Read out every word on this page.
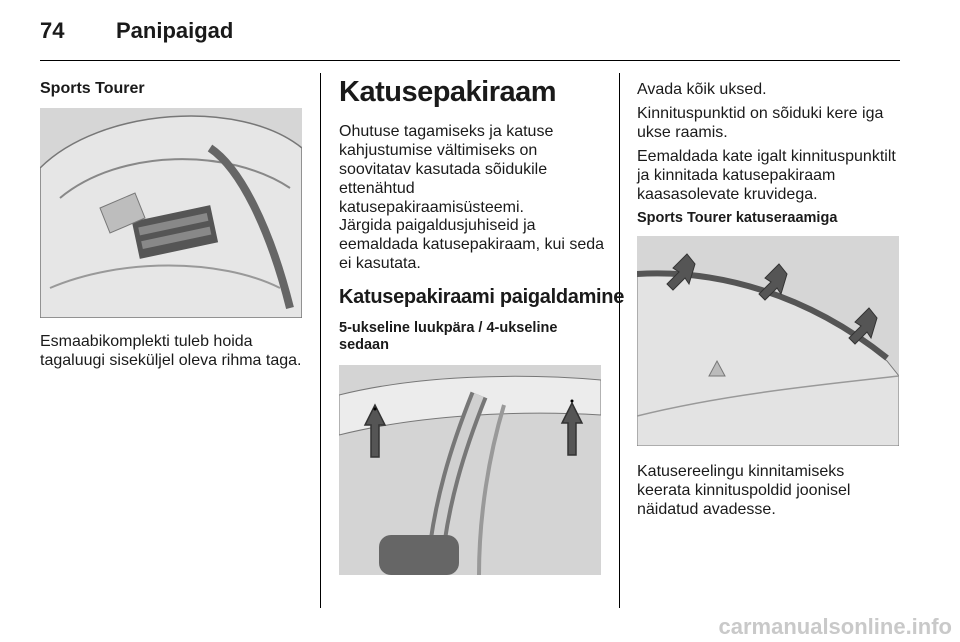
74 Panipaigad
Sports Tourer
Esmaabikomplekti tuleb hoida tagaluugi siseküljel oleva rihma taga.
Katusepakiraam
Ohutuse tagamiseks ja katuse kahjustumise vältimiseks on soovitatav kasutada sõidukile ettenähtud katusepakiraamisüsteemi.
Järgida paigaldusjuhiseid ja eemaldada katusepakiraam, kui seda ei kasutata.
Katusepakiraami paigaldamine
5-ukseline luukpära / 4-ukseline sedaan
Avada kõik uksed.
Kinnituspunktid on sõiduki kere iga ukse raamis.
Eemaldada kate igalt kinnituspunktilt ja kinnitada katusepakiraam kaasasolevate kruvidega.
Sports Tourer katuseraamiga
Katusereelingu kinnitamiseks keerata kinnituspoldid joonisel näidatud avadesse.
carmanualsonline.info
